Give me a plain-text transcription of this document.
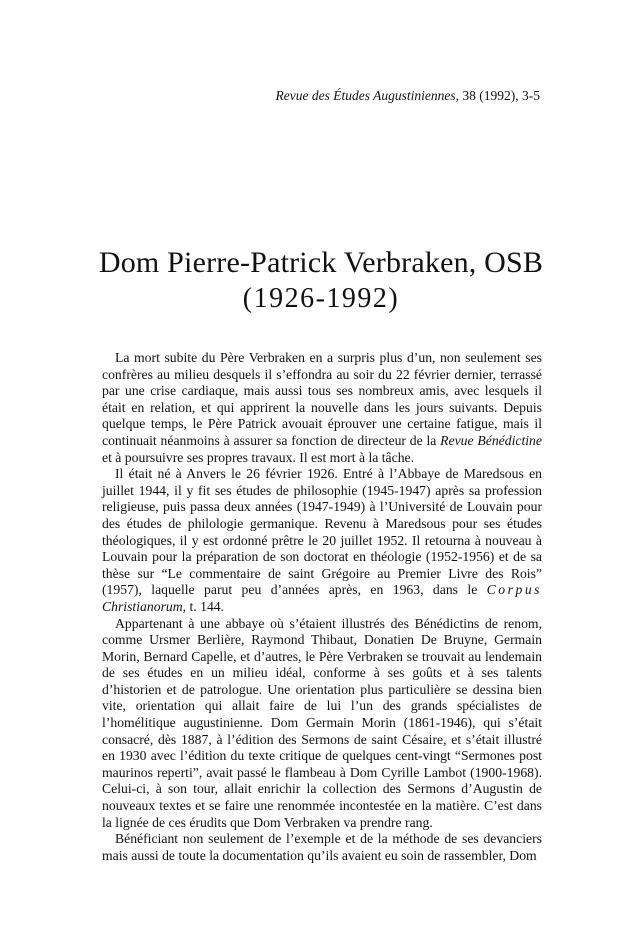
Revue des Études Augustiniennes, 38 (1992), 3-5
Dom Pierre-Patrick Verbraken, OSB
(1926-1992)

La mort subite du Père Verbraken en a surpris plus d’un, non seulement ses confrères au milieu desquels il s’effondra au soir du 22 février dernier, terrassé par une crise cardiaque, mais aussi tous ses nombreux amis, avec lesquels il était en relation, et qui apprirent la nouvelle dans les jours suivants. Depuis quelque temps, le Père Patrick avouait éprouver une certaine fatigue, mais il continuait néanmoins à assurer sa fonction de directeur de la Revue Bénédictine et à poursuivre ses propres travaux. Il est mort à la tâche.

Il était né à Anvers le 26 février 1926. Entré à l’Abbaye de Maredsous en juillet 1944, il y fit ses études de philosophie (1945-1947) après sa profession religieuse, puis passa deux années (1947-1949) à l’Université de Louvain pour des études de philologie germanique. Revenu à Maredsous pour ses études théologiques, il y est ordonné prêtre le 20 juillet 1952. Il retourna à nouveau à Louvain pour la préparation de son doctorat en théologie (1952-1956) et de sa thèse sur “Le commentaire de saint Grégoire au Premier Livre des Rois” (1957), laquelle parut peu d’années après, en 1963, dans le Corpus Christianorum, t. 144.

Appartenant à une abbaye où s’étaient illustrés des Bénédictins de renom, comme Ursmer Berlière, Raymond Thibaut, Donatien De Bruyne, Germain Morin, Bernard Capelle, et d’autres, le Père Verbraken se trouvait au lendemain de ses études en un milieu idéal, conforme à ses goûts et à ses talents d’historien et de patrologue. Une orientation plus particulière se dessina bien vite, orientation qui allait faire de lui l’un des grands spécialistes de l’homélitique augustinienne. Dom Germain Morin (1861-1946), qui s’était consacré, dès 1887, à l’édition des Sermons de saint Césaire, et s’était illustré en 1930 avec l’édition du texte critique de quelques cent-vingt “Sermones post maurinos reperti”, avait passé le flambeau à Dom Cyrille Lambot (1900-1968). Celui-ci, à son tour, allait enrichir la collection des Sermons d’Augustin de nouveaux textes et se faire une renommée incontestée en la matière. C’est dans la lignée de ces érudits que Dom Verbraken va prendre rang.

Bénéficiant non seulement de l’exemple et de la méthode de ses devanciers mais aussi de toute la documentation qu’ils avaient eu soin de rassembler, Dom
